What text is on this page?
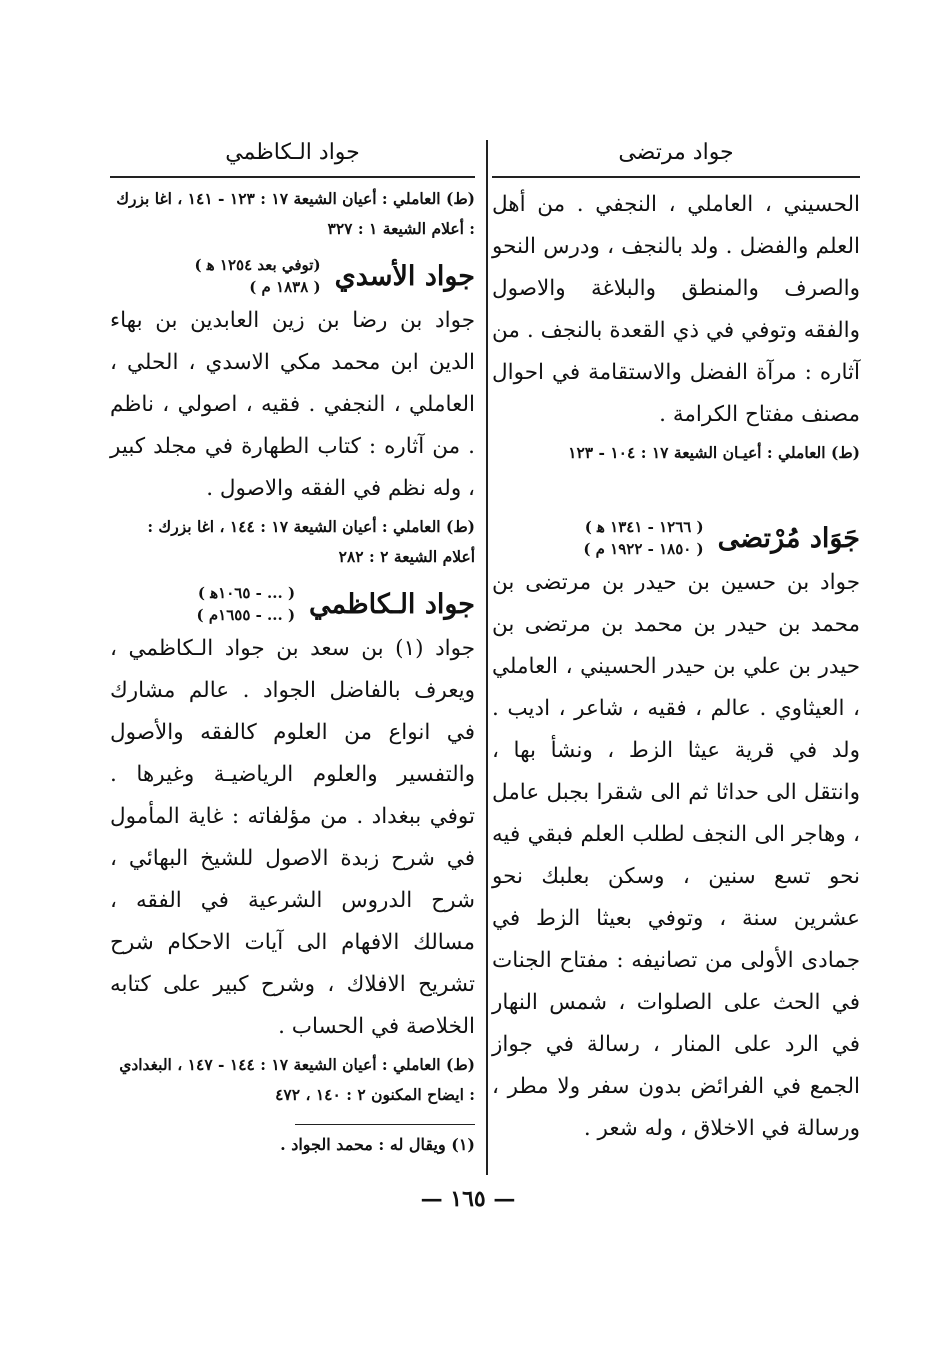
جواد مرتضى

الحسيني ، العاملي ، النجفي . من أهل العلم والفضل . ولد بالنجف ، ودرس النحو والصرف والمنطق والبلاغة والاصول والفقه وتوفي في ذي القعدة بالنجف . من آثاره : مرآة الفضل والاستقامة في احوال مصنف مفتاح الكرامة .

(ط) العاملي : أعيـان الشيعة ١٧ : ١٠٤ - ١٢٣
جَوَاد مُرْتضى
( ١٢٦٦ - ١٣٤١ ﻫ )
( ١٨٥٠ - ١٩٢٢ م )

جواد بن حسين بن حيدر بن مرتضى بن محمد بن حيدر بن محمد بن مرتضى بن حيدر بن علي بن حيدر الحسيني ، العاملي ، العيثاوي . عالم ، فقيه ، شاعر ، اديب . ولد في قرية عيثا الزط ، ونشأ بها ، وانتقل الى حداثا ثم الى شقرا بجبل عامل ، وهاجر الى النجف لطلب العلم فبقي فيه نحو تسع سنين ، وسكن بعلبك نحو عشرين سنة ، وتوفي بعيثا الزط في جمادى الأولى من تصانيفه : مفتاح الجنات في الحث على الصلوات ، شمس النهار في الرد على المنار ، رسالة في جواز الجمع في الفرائض بدون سفر ولا مطر ، ورسالة في الاخلاق ، وله شعر .

جواد الـكاظمي
(ط) العاملي : أعيان الشيعة ١٧ : ١٢٣ - ١٤١ ، اغا بزرك : أعلام الشيعة ١ : ٣٢٧
جواد الأسدي
(توفي بعد ١٢٥٤ ﻫ )
( ١٨٣٨ م )

جواد بن رضا بن زين العابدين بن بهاء الدين ابن محمد مكي الاسدي ، الحلي ، العاملي ، النجفي . فقيه ، اصولي ، ناظم . من آثاره : كتاب الطهارة في مجلد كبير ، وله نظم في الفقه والاصول .

(ط) العاملي : أعيان الشيعة ١٧ : ١٤٤ ، اغا بزرك : أعلام الشيعة ٢ : ٢٨٢
جواد الـكاظمي
( ... - ١٠٦٥ﻫ )
( ... - ١٦٥٥م )

جواد (١) بن سعد بن جواد الـكاظمي ، ويعرف بالفاضل الجواد . عالم مشارك في انواع من العلوم كالفقه والأصول والتفسير والعلوم الرياضيـة وغيرها . توفي ببغداد . من مؤلفاته : غاية المأمول في شرح زبدة الاصول للشيخ البهائي ، شرح الدروس الشرعية في الفقه ، مسالك الافهام الى آيات الاحكام شرح تشريح الافلاك ، وشرح كبير على كتابه الخلاصة في الحساب .

(ط) العاملي : أعيان الشيعة ١٧ : ١٤٤ - ١٤٧ ، البغدادي : ايضاح المكنون ٢ : ١٤٠ ، ٤٧٢
(١) ويقال له : محمد الجواد .
— ١٦٥ —
